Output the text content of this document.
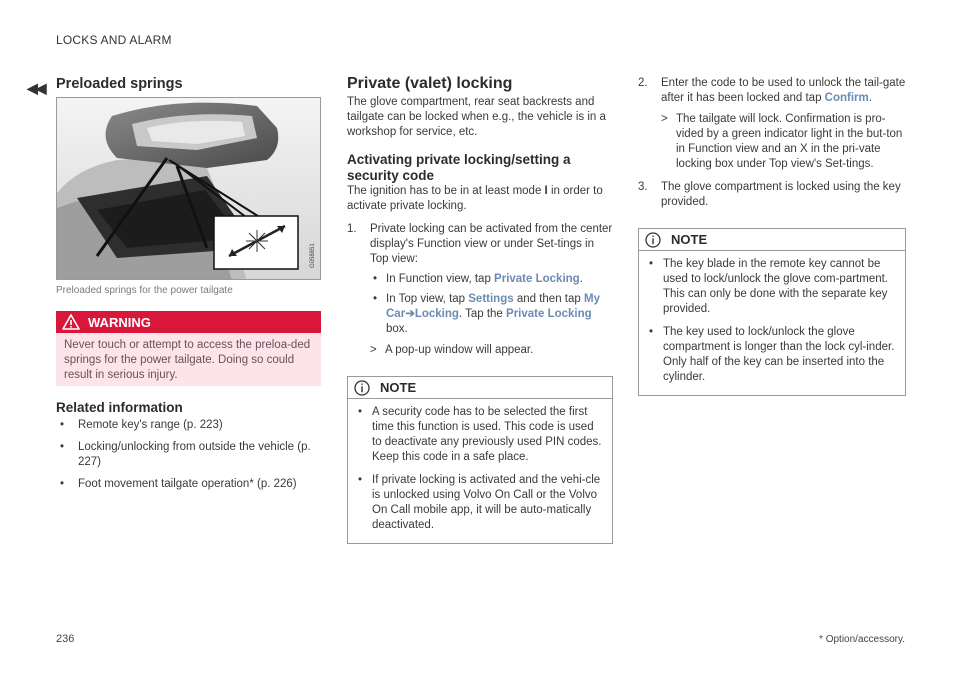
LOCKS AND ALARM
◀◀ Preloaded springs
G058851
Preloaded springs for the power tailgate
WARNING
Never touch or attempt to access the preloa-ded springs for the power tailgate. Doing so could result in serious injury.
Related information
• Remote key's range (p. 223)
• Locking/unlocking from outside the vehicle (p. 227)
• Foot movement tailgate operation* (p. 226)
Private (valet) locking
The glove compartment, rear seat backrests and tailgate can be locked when e.g., the vehicle is in a workshop for service, etc.
Activating private locking/setting a security code
The ignition has to be in at least mode I in order to activate private locking.
1. Private locking can be activated from the center display's Function view or under Set-tings in Top view:
• In Function view, tap Private Locking.
• In Top view, tap Settings and then tap My Car➔Locking. Tap the Private Locking box.
> A pop-up window will appear.
NOTE
• A security code has to be selected the first time this function is used. This code is used to deactivate any previously used PIN codes. Keep this code in a safe place.
• If private locking is activated and the vehi-cle is unlocked using Volvo On Call or the Volvo On Call mobile app, it will be auto-matically deactivated.
2. Enter the code to be used to unlock the tail-gate after it has been locked and tap Confirm.
> The tailgate will lock. Confirmation is pro-vided by a green indicator light in the but-ton in Function view and an X in the pri-vate locking box under Top view's Set-tings.
3. The glove compartment is locked using the key provided.
NOTE
• The key blade in the remote key cannot be used to lock/unlock the glove com-partment. This can only be done with the separate key provided.
• The key used to lock/unlock the glove compartment is longer than the lock cyl-inder. Only half of the key can be inserted into the cylinder.
236	* Option/accessory.
